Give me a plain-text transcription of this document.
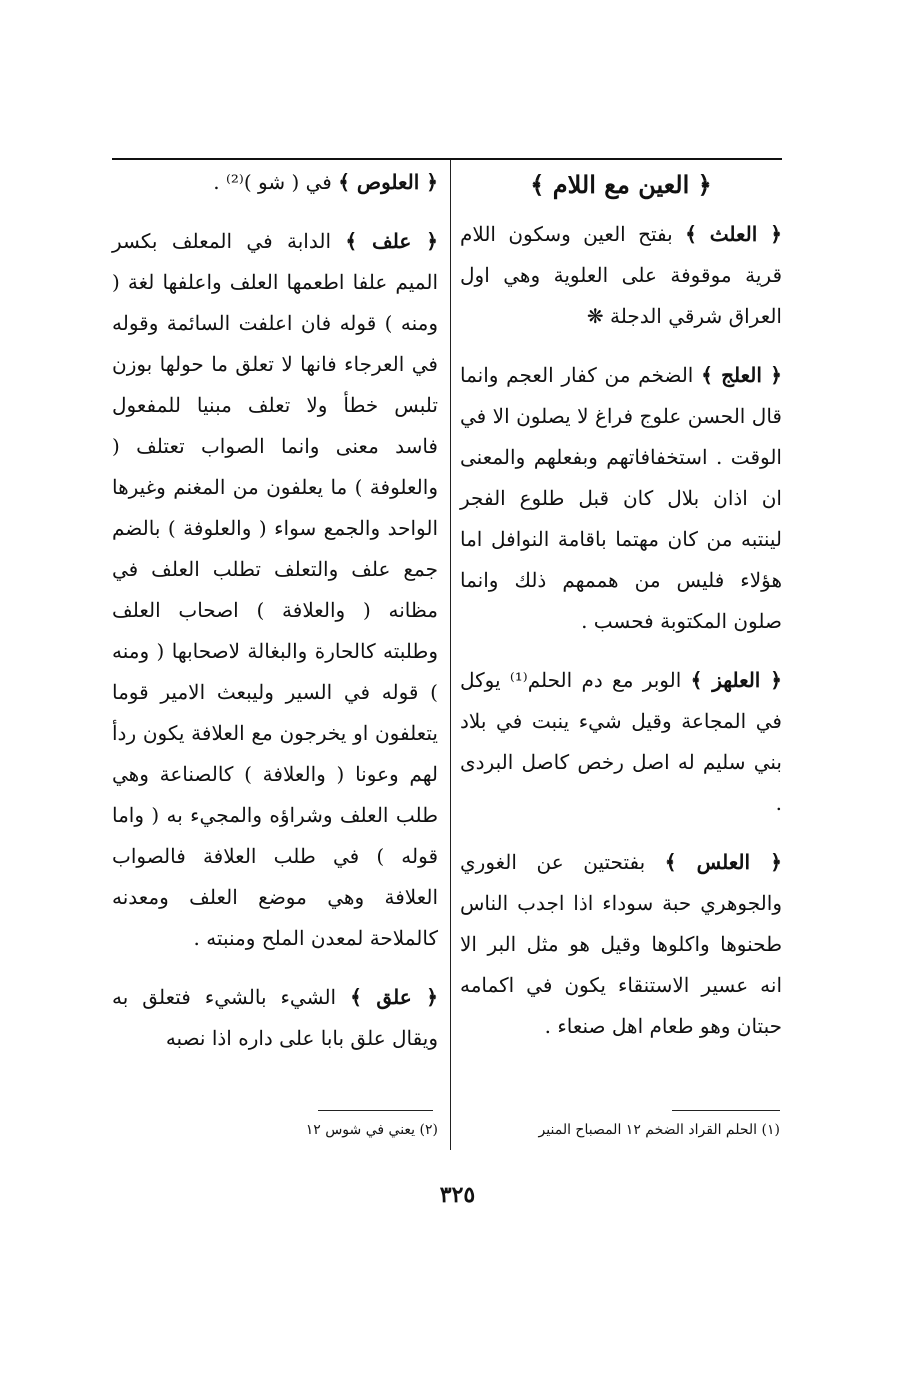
﴿ العين مع اللام ﴾

﴿ العلث ﴾ بفتح العين وسكون اللام قرية موقوفة على العلوية وهي اول العراق شرقي الدجلة ❋

﴿ العلج ﴾ الضخم من كفار العجم وانما قال الحسن علوج فراغ لا يصلون الا في الوقت . استخفافاتهم وبفعلهم والمعنى ان اذان بلال كان قبل طلوع الفجر لينتبه من كان مهتما باقامة النوافل اما هؤلاء فليس من هممهم ذلك وانما صلون المكتوبة فحسب .

﴿ العلهز ﴾ الوبر مع دم الحلم⁽¹⁾ يوكل في المجاعة وقيل شيء ينبت في بلاد بني سليم له اصل رخص كاصل البردى .

﴿ العلس ﴾ بفتحتين عن الغوري والجوهري حبة سوداء اذا اجدب الناس طحنوها واكلوها وقيل هو مثل البر الا انه عسير الاستنقاء يكون في اكمامه حبتان وهو طعام اهل صنعاء .

﴿ العلوص ﴾ في ( شو )⁽²⁾ .

﴿ علف ﴾ الدابة في المعلف بكسر الميم علفا اطعمها العلف واعلفها لغة ( ومنه ) قوله فان اعلفت السائمة وقوله في العرجاء فانها لا تعلق ما حولها بوزن تلبس خطأ ولا تعلف مبنيا للمفعول فاسد معنى وانما الصواب تعتلف ( والعلوفة ) ما يعلفون من المغنم وغيرها الواحد والجمع سواء ( والعلوفة ) بالضم جمع علف والتعلف تطلب العلف في مظانه ( والعلافة ) اصحاب العلف وطلبته كالحارة والبغالة لاصحابها ( ومنه ) قوله في السير وليبعث الامير قوما يتعلفون او يخرجون مع العلافة يكون ردأ لهم وعونا ( والعلافة ) كالصناعة وهي طلب العلف وشراؤه والمجيء به ( واما قوله ) في طلب العلافة فالصواب العلافة وهي موضع العلف ومعدنه كالملاحة لمعدن الملح ومنبته .

﴿ علق ﴾ الشيء بالشيء فتعلق به ويقال علق بابا على داره اذا نصبه

(١) الحلم القراد الضخم ١٢ المصباح المنير
(٢) يعني في شوس ١٢
٣٢٥
